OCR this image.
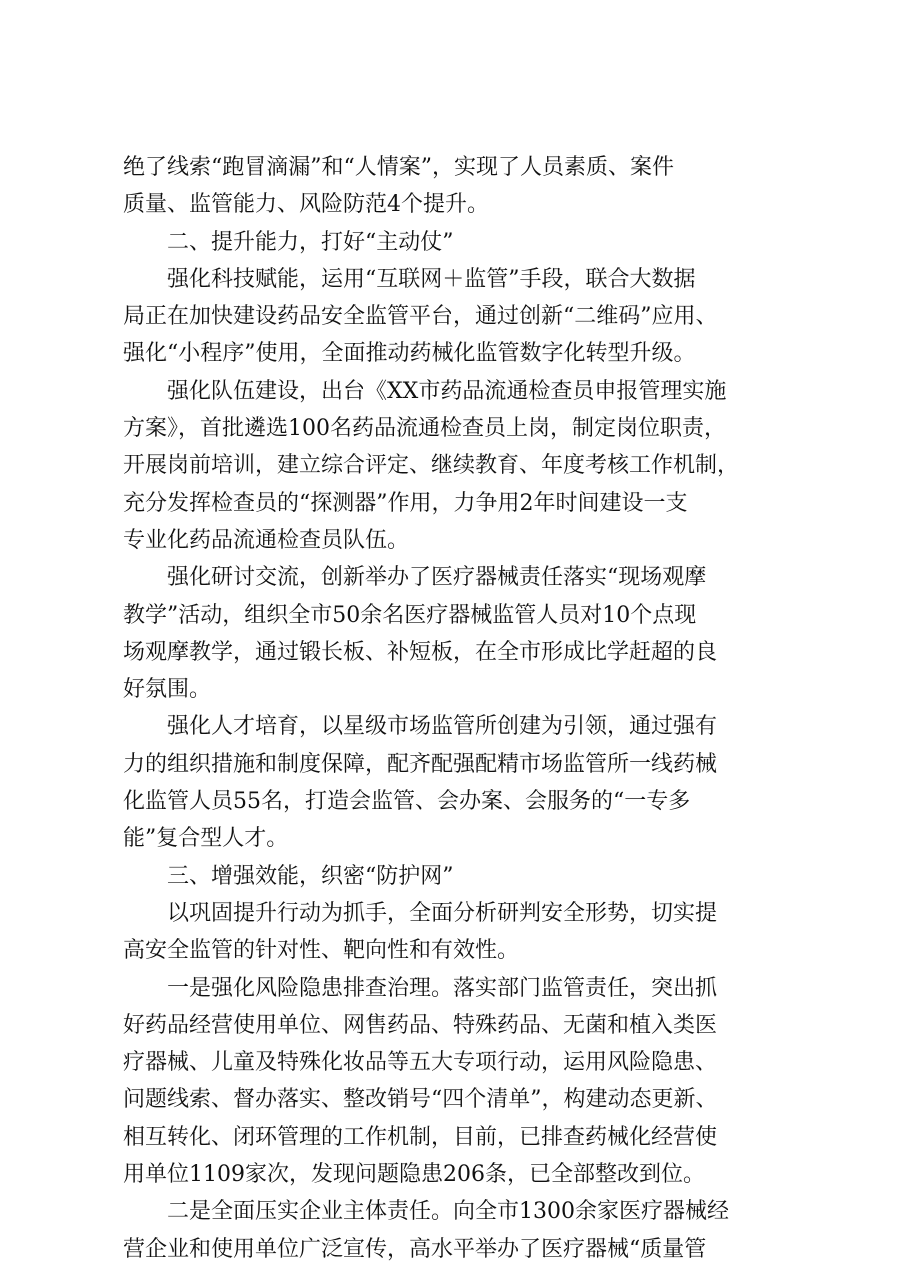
绝了线索“跑冒滴漏”和“人情案”，实现了人员素质、案件
质量、监管能力、风险防范4个提升。
二、提升能力，打好“主动仗”
强化科技赋能，运用“互联网＋监管”手段，联合大数据
局正在加快建设药品安全监管平台，通过创新“二维码”应用、
强化“小程序”使用，全面推动药械化监管数字化转型升级。
强化队伍建设，出台《XX市药品流通检查员申报管理实施
方案》，首批遴选100名药品流通检查员上岗，制定岗位职责，
开展岗前培训，建立综合评定、继续教育、年度考核工作机制，
充分发挥检查员的“探测器”作用，力争用2年时间建设一支
专业化药品流通检查员队伍。
强化研讨交流，创新举办了医疗器械责任落实“现场观摩
教学”活动，组织全市50余名医疗器械监管人员对10个点现
场观摩教学，通过锻长板、补短板，在全市形成比学赶超的良
好氛围。
强化人才培育，以星级市场监管所创建为引领，通过强有
力的组织措施和制度保障，配齐配强配精市场监管所一线药械
化监管人员55名，打造会监管、会办案、会服务的“一专多
能”复合型人才。
三、增强效能，织密“防护网”
以巩固提升行动为抓手，全面分析研判安全形势，切实提
高安全监管的针对性、靶向性和有效性。
一是强化风险隐患排查治理。落实部门监管责任，突出抓
好药品经营使用单位、网售药品、特殊药品、无菌和植入类医
疗器械、儿童及特殊化妆品等五大专项行动，运用风险隐患、
问题线索、督办落实、整改销号“四个清单”，构建动态更新、
相互转化、闭环管理的工作机制，目前，已排查药械化经营使
用单位1109家次，发现问题隐患206条，已全部整改到位。
二是全面压实企业主体责任。向全市1300余家医疗器械经
营企业和使用单位广泛宣传，高水平举办了医疗器械“质量管
